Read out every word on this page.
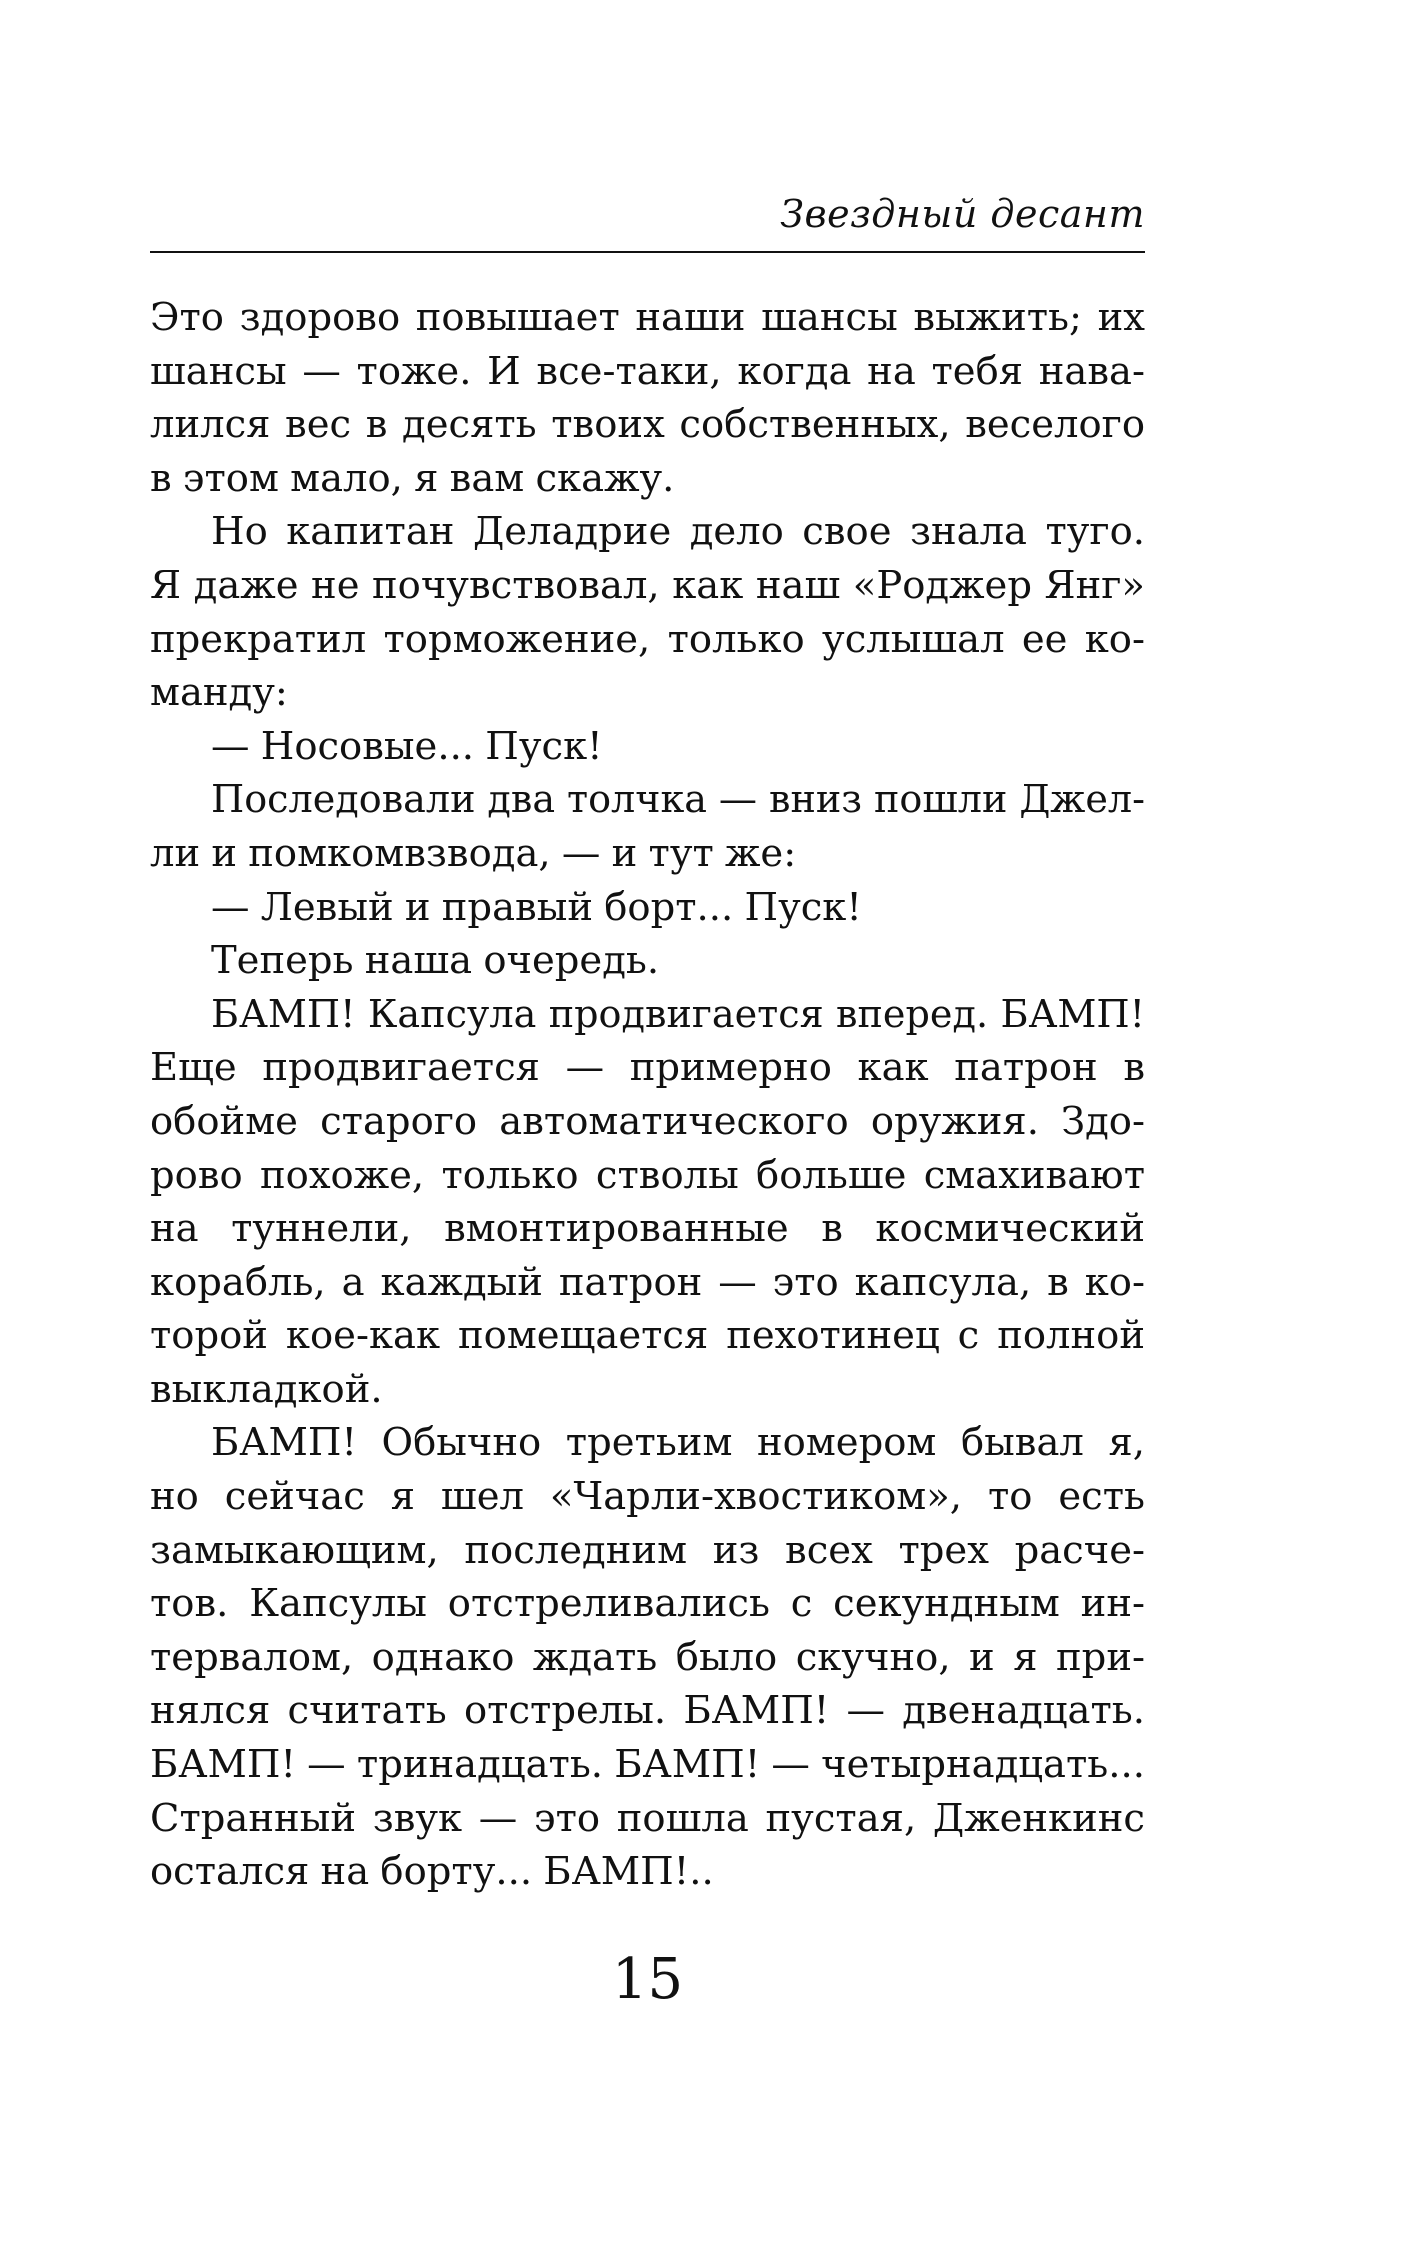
Звездный десант
Это здорово повышает наши шансы выжить; их
шансы — тоже. И все-таки, когда на тебя нава-
лился вес в десять твоих собственных, веселого
в этом мало, я вам скажу.
Но капитан Деладрие дело свое знала туго.
Я даже не почувствовал, как наш «Роджер Янг»
прекратил торможение, только услышал ее ко-
манду:
— Носовые... Пуск!
Последовали два толчка — вниз пошли Джел-
ли и помкомвзвода, — и тут же:
— Левый и правый борт... Пуск!
Теперь наша очередь.
БАМП! Капсула продвигается вперед. БАМП!
Еще продвигается — примерно как патрон в
обойме старого автоматического оружия. Здо-
рово похоже, только стволы больше смахивают
на туннели, вмонтированные в космический
корабль, а каждый патрон — это капсула, в ко-
торой кое-как помещается пехотинец с полной
выкладкой.
БАМП! Обычно третьим номером бывал я,
но сейчас я шел «Чарли-хвостиком», то есть
замыкающим, последним из всех трех расче-
тов. Капсулы отстреливались с секундным ин-
тервалом, однако ждать было скучно, и я при-
нялся считать отстрелы. БАМП! — двенадцать.
БАМП! — тринадцать. БАМП! — четырнадцать...
Странный звук — это пошла пустая, Дженкинс
остался на борту... БАМП!..
15
